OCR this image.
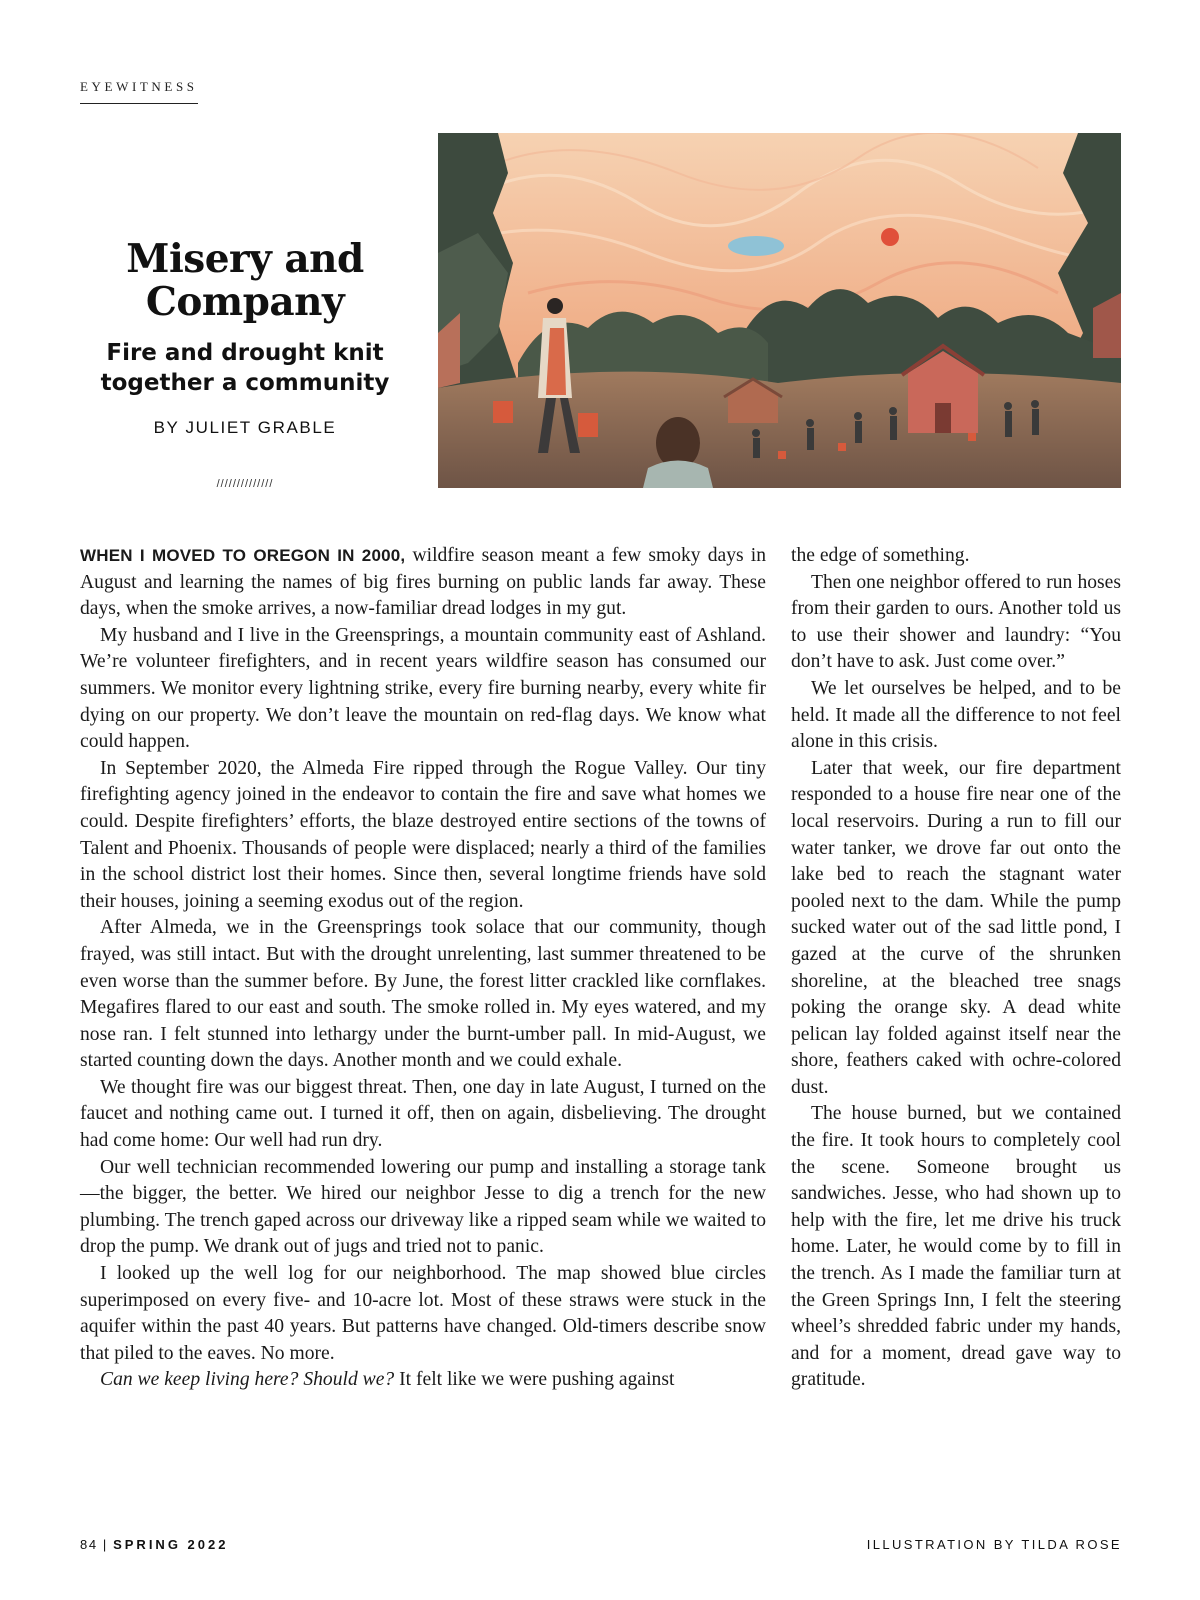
EYEWITNESS
Misery and
Company
Fire and drought knit
together a community
BY JULIET GRABLE
//////////////

WHEN I MOVED TO OREGON IN 2000, wildfire season meant a few smoky days in August and learning the names of big fires burning on public lands far away. These days, when the smoke arrives, a now-familiar dread lodges in my gut.

My husband and I live in the Greensprings, a mountain community east of Ashland. We’re volunteer firefighters, and in recent years wildfire season has consumed our summers. We monitor every lightning strike, every fire burning nearby, every white fir dying on our property. We don’t leave the mountain on red-flag days. We know what could happen.

In September 2020, the Almeda Fire ripped through the Rogue Valley. Our tiny firefighting agency joined in the endeavor to contain the fire and save what homes we could. Despite firefighters’ efforts, the blaze destroyed entire sections of the towns of Talent and Phoenix. Thousands of people were displaced; nearly a third of the families in the school district lost their homes. Since then, several longtime friends have sold their houses, joining a seeming exodus out of the region.

After Almeda, we in the Greensprings took solace that our community, though frayed, was still intact. But with the drought unrelenting, last summer threatened to be even worse than the summer before. By June, the forest litter crackled like cornflakes. Megafires flared to our east and south. The smoke rolled in. My eyes watered, and my nose ran. I felt stunned into lethargy under the burnt-umber pall. In mid-August, we started counting down the days. Another month and we could exhale.

We thought fire was our biggest threat. Then, one day in late August, I turned on the faucet and nothing came out. I turned it off, then on again, disbelieving. The drought had come home: Our well had run dry.

Our well technician recommended lowering our pump and installing a storage tank—the bigger, the better. We hired our neighbor Jesse to dig a trench for the new plumbing. The trench gaped across our driveway like a ripped seam while we waited to drop the pump. We drank out of jugs and tried not to panic.

I looked up the well log for our neighborhood. The map showed blue circles superimposed on every five- and 10-acre lot. Most of these straws were stuck in the aquifer within the past 40 years. But patterns have changed. Old-timers describe snow that piled to the eaves. No more.

Can we keep living here? Should we? It felt like we were pushing against

the edge of something.

Then one neighbor offered to run hoses from their garden to ours. Another told us to use their shower and laundry: “You don’t have to ask. Just come over.”

We let ourselves be helped, and to be held. It made all the difference to not feel alone in this crisis.

Later that week, our fire department responded to a house fire near one of the local reservoirs. During a run to fill our water tanker, we drove far out onto the lake bed to reach the stagnant water pooled next to the dam. While the pump sucked water out of the sad little pond, I gazed at the curve of the shrunken shoreline, at the bleached tree snags poking the orange sky. A dead white pelican lay folded against itself near the shore, feathers caked with ochre-colored dust.

The house burned, but we contained the fire. It took hours to completely cool the scene. Someone brought us sandwiches. Jesse, who had shown up to help with the fire, let me drive his truck home. Later, he would come by to fill in the trench. As I made the familiar turn at the Green Springs Inn, I felt the steering wheel’s shredded fabric under my hands, and for a moment, dread gave way to gratitude.

84 | SPRING 2022	ILLUSTRATION BY TILDA ROSE
